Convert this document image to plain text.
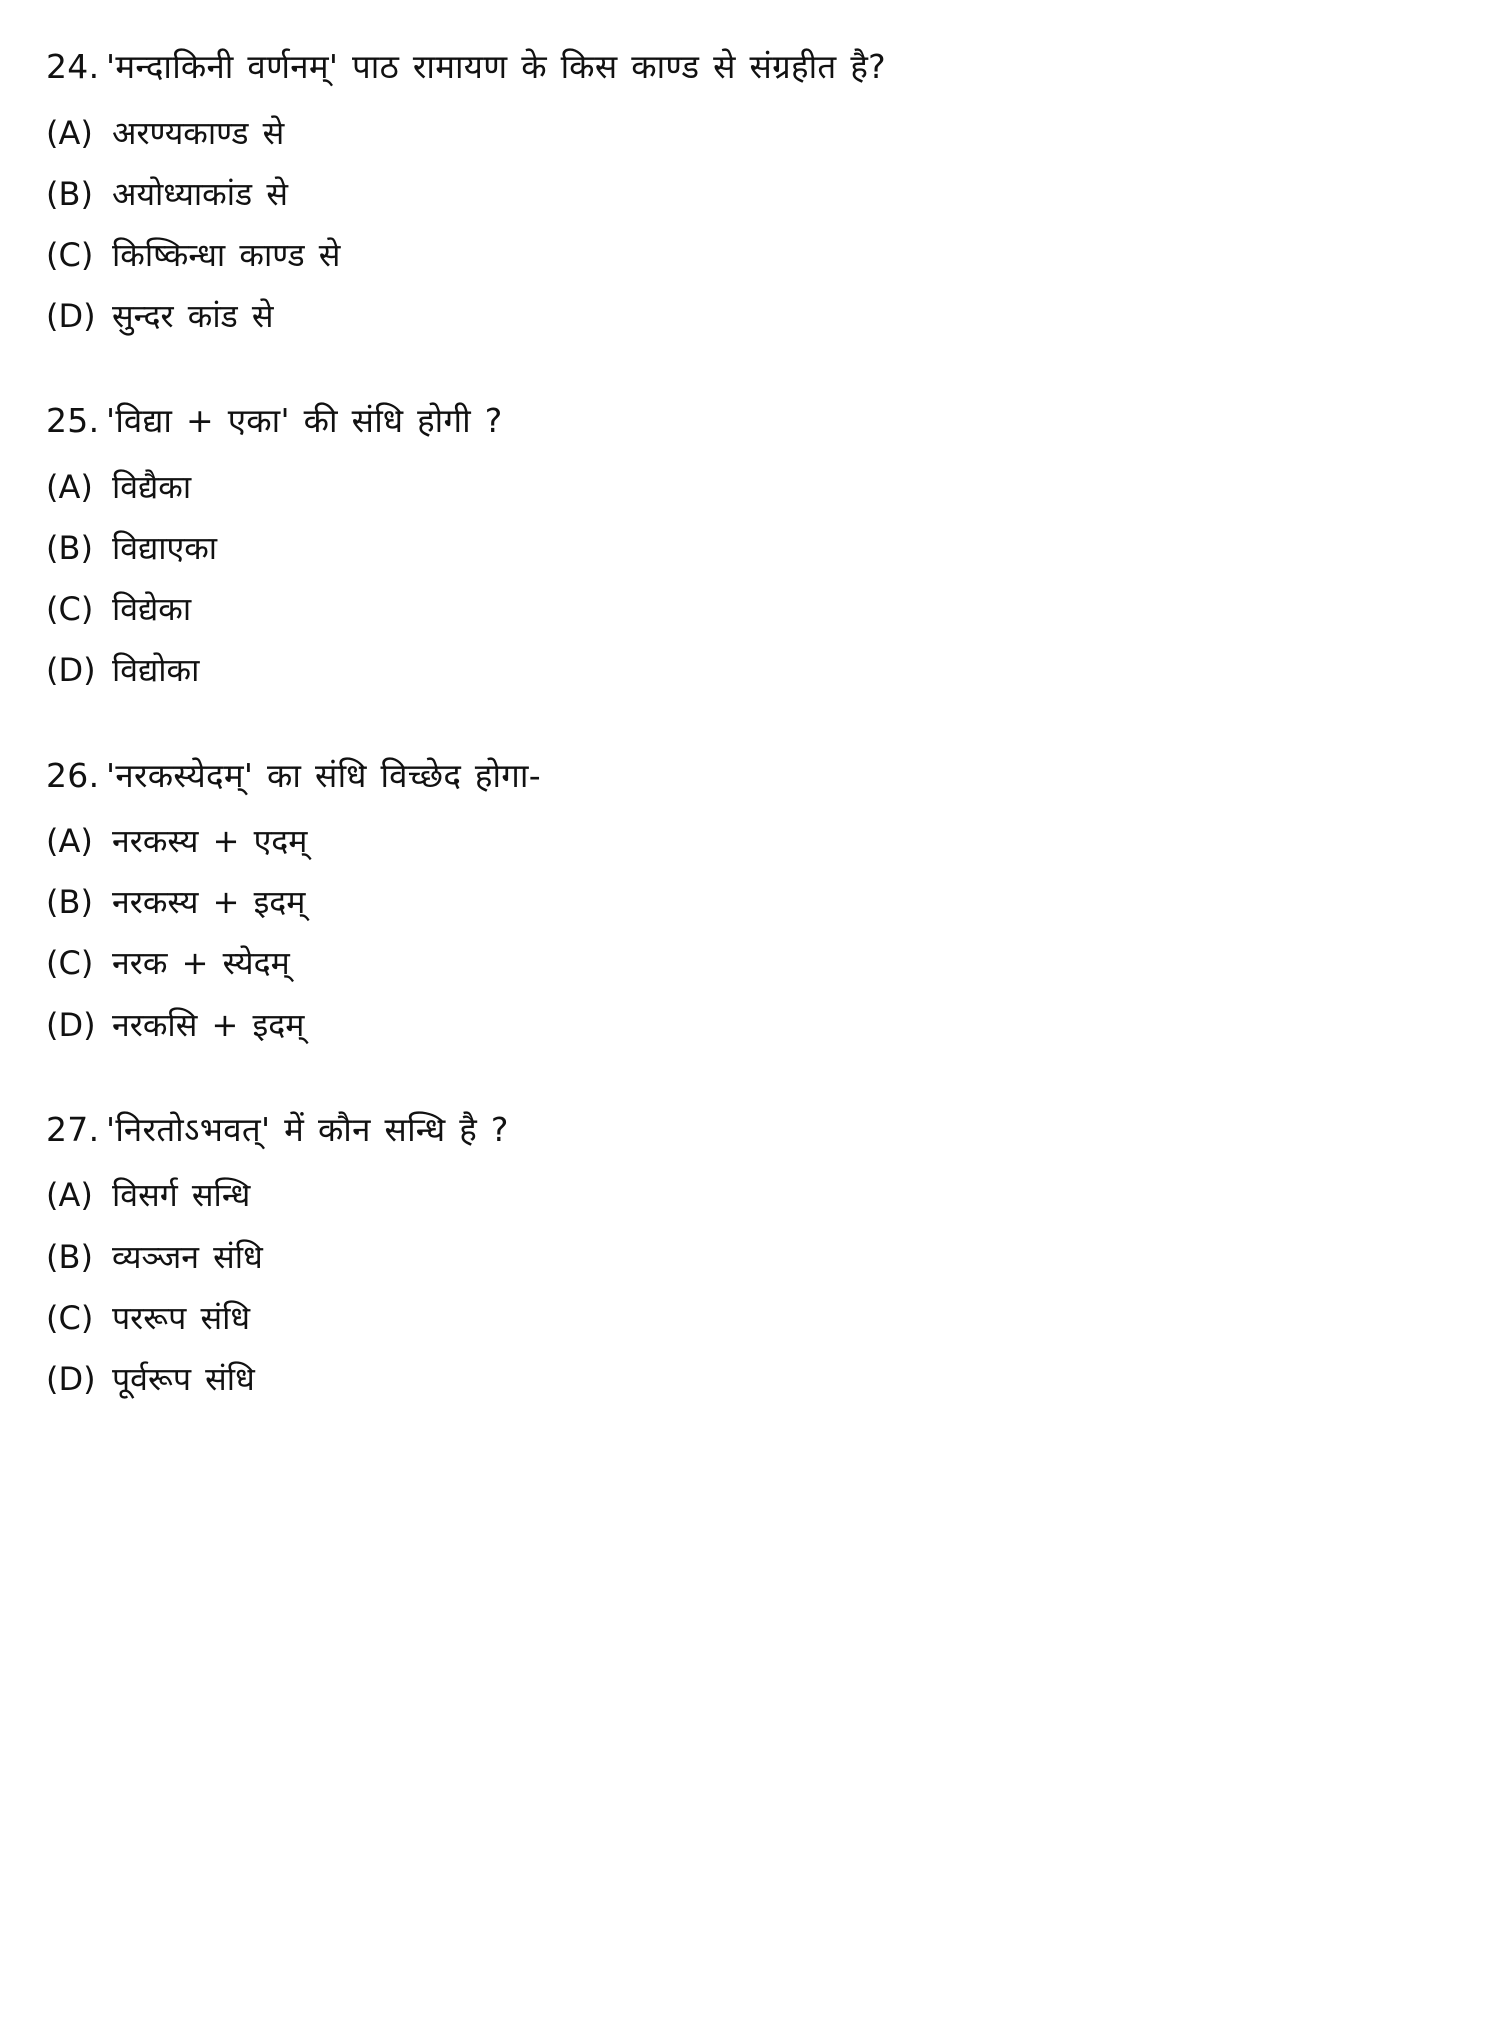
24. 'मन्दाकिनी वर्णनम्' पाठ रामायण के किस काण्ड से संग्रहीत है?
(A) अरण्यकाण्ड से
(B) अयोध्याकांड से
(C) किष्किन्धा काण्ड से
(D) सुन्दर कांड से
25. 'विद्या + एका' की संधि होगी ?
(A) विद्यैका
(B) विद्याएका
(C) विद्येका
(D) विद्योका
26. 'नरकस्येदम्' का संधि विच्छेद होगा-
(A) नरकस्य + एदम्
(B) नरकस्य + इदम्
(C) नरक + स्येदम्
(D) नरकसि + इदम्
27. 'निरतोऽभवत्' में कौन सन्धि है ?
(A) विसर्ग सन्धि
(B) व्यञ्जन संधि
(C) पररूप संधि
(D) पूर्वरूप संधि
